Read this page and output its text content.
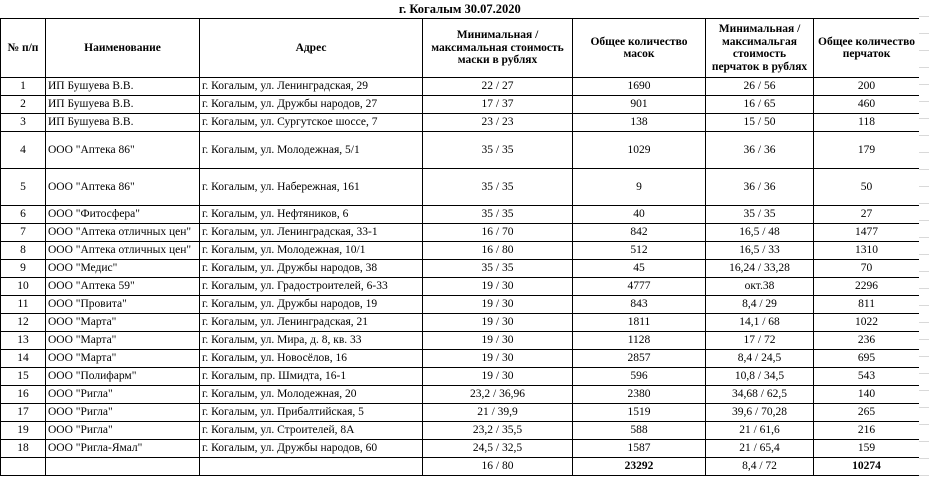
г. Когалым 30.07.2020						
№ п/п	Наименование	Адрес	Минимальная / максимальная стоимость маски в рублях	Общее количество масок	Минимальная / максимальгая стоимость перчаток в рублях	Общее количество перчаток
1	ИП Бушуева В.В.	г. Когалым, ул. Ленинградская, 29	22 / 27	1690	26 / 56	200
2	ИП Бушуева В.В.	г. Когалым, ул. Дружбы народов, 27	17 / 37	901	16 / 65	460
3	ИП Бушуева В.В.	г. Когалым, ул. Сургутское шоссе, 7	23 / 23	138	15 / 50	118
4	ООО "Аптека 86"	г. Когалым, ул. Молодежная, 5/1	35 / 35	1029	36 / 36	179
5	ООО "Аптека 86"	г. Когалым, ул. Набережная, 161	35 / 35	9	36 / 36	50
6	ООО "Фитосфера"	г. Когалым, ул. Нефтяников, 6	35 / 35	40	35 / 35	27
7	ООО "Аптека отличных цен"	г. Когалым, ул. Ленинградская, 33-1	16 / 70	842	16,5 / 48	1477
8	ООО "Аптека отличных цен"	г. Когалым, ул. Молодежная, 10/1	16 / 80	512	16,5 / 33	1310
9	ООО "Медис"	г. Когалым, ул. Дружбы народов, 38	35 / 35	45	16,24 / 33,28	70
10	ООО "Аптека 59"	г. Когалым, ул. Градостроителей, 6-33	19 / 30	4777	окт.38	2296
11	ООО "Провита"	г. Когалым, ул. Дружбы народов, 19	19 / 30	843	8,4 / 29	811
12	ООО "Марта"	г. Когалым, ул. Ленинградская, 21	19 / 30	1811	14,1 / 68	1022
13	ООО "Марта"	г. Когалым, ул. Мира, д. 8, кв. 33	19 / 30	1128	17 / 72	236
14	ООО "Марта"	г. Когалым, ул. Новосёлов, 16	19 / 30	2857	8,4 / 24,5	695
15	ООО "Полифарм"	г. Когалым, пр. Шмидта, 16-1	19 / 30	596	10,8 / 34,5	543
16	ООО "Ригла"	г. Когалым, ул. Молодежная, 20	23,2 / 36,96	2380	34,68 / 62,5	140
17	ООО "Ригла"	г. Когалым, ул. Прибалтийская, 5	21 / 39,9	1519	39,6 / 70,28	265
19	ООО "Ригла"	г. Когалым, ул. Строителей, 8А	23,2 / 35,5	588	21 / 61,6	216
18	ООО "Ригла-Ямал"	г. Когалым, ул. Дружбы народов, 60	24,5 / 32,5	1587	21 / 65,4	159
			16 / 80	23292	8,4 / 72	10274
